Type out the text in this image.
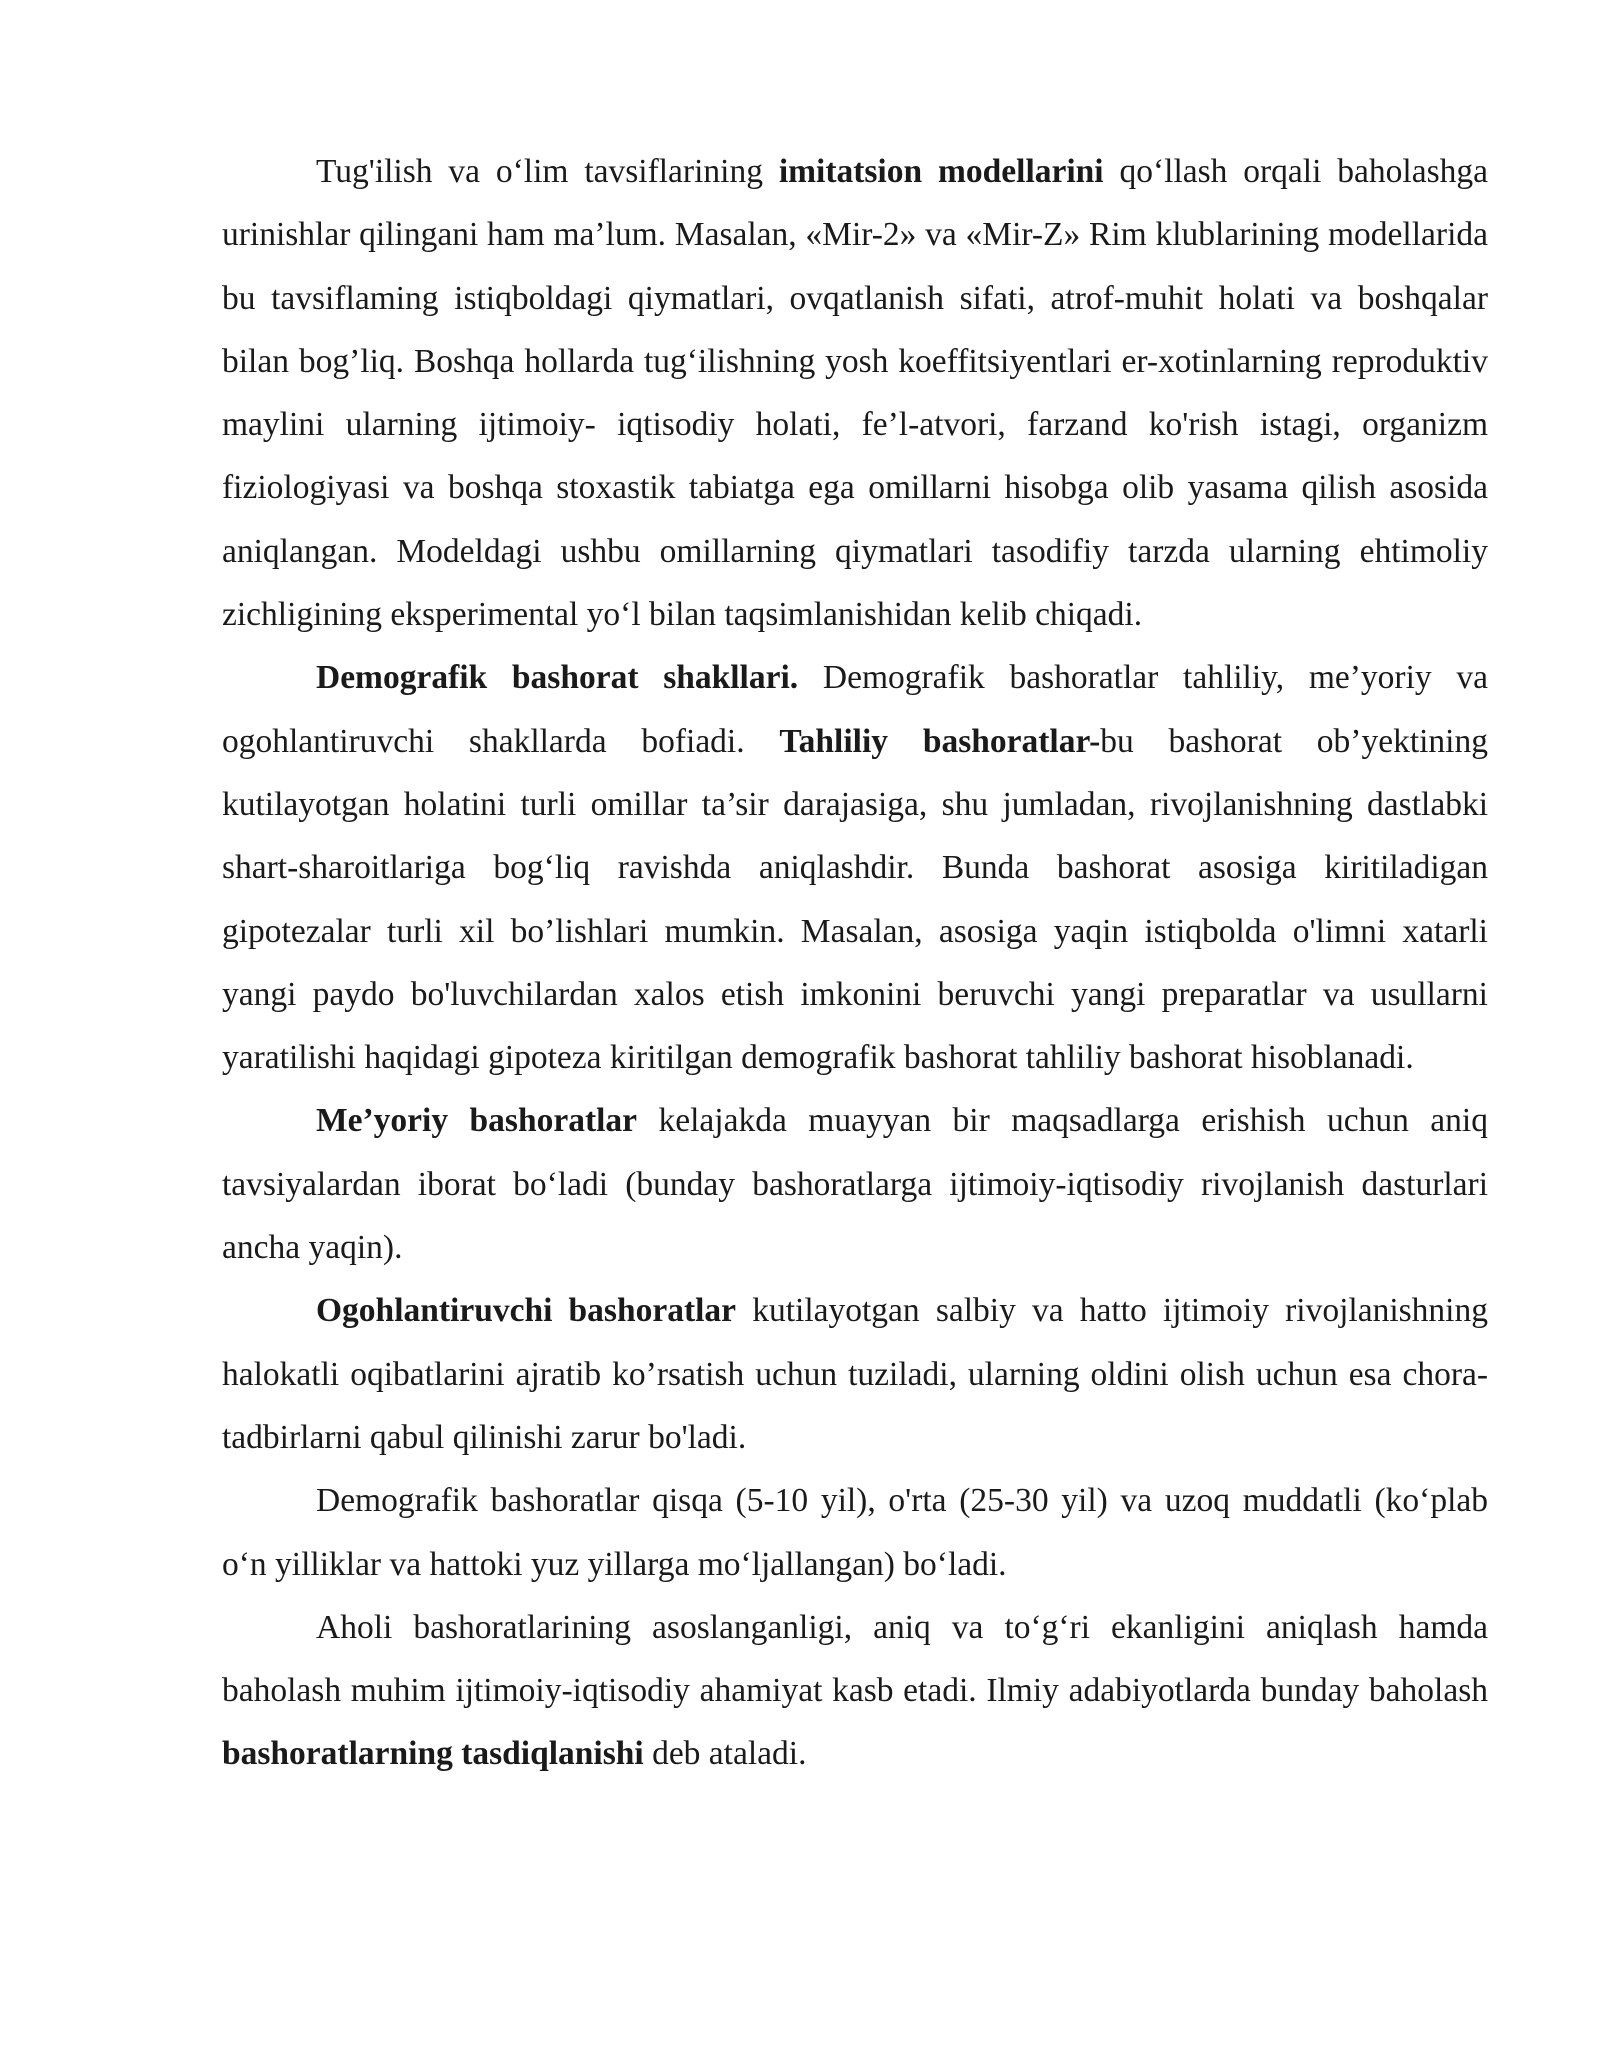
Tug'ilish va o‘lim tavsiflarining imitatsion modellarini qo‘llash orqali baholashga urinishlar qilingani ham ma’lum. Masalan, «Mir-2» va «Mir-Z» Rim klublarining modellarida bu tavsiflaming istiqboldagi qiymatlari, ovqatlanish sifati, atrof-muhit holati va boshqalar bilan bog’liq. Boshqa hollarda tug‘ilishning yosh koeffitsiyentlari er-xotinlarning reproduktiv maylini ularning ijtimoiy- iqtisodiy holati, fe’l-atvori, farzand ko'rish istagi, organizm fiziologiyasi va boshqa stoxastik tabiatga ega omillarni hisobga olib yasama qilish asosida aniqlangan. Modeldagi ushbu omillarning qiymatlari tasodifiy tarzda ularning ehtimoliy zichligining eksperimental yo‘l bilan taqsimlanishidan kelib chiqadi.

Demografik bashorat shakllari. Demografik bashoratlar tahliliy, me’yoriy va ogohlantiruvchi shakllarda bofiadi. Tahliliy bashoratlar-bu bashorat ob’yektining kutilayotgan holatini turli omillar ta’sir darajasiga, shu jumladan, rivojlanishning dastlabki shart-sharoitlariga bog‘liq ravishda aniqlashdir. Bunda bashorat asosiga kiritiladigan gipotezalar turli xil bo’lishlari mumkin. Masalan, asosiga yaqin istiqbolda o'limni xatarli yangi paydo bo'luvchilardan xalos etish imkonini beruvchi yangi preparatlar va usullarni yaratilishi haqidagi gipoteza kiritilgan demografik bashorat tahliliy bashorat hisoblanadi.

Me’yoriy bashoratlar kelajakda muayyan bir maqsadlarga erishish uchun aniq tavsiyalardan iborat bo‘ladi (bunday bashoratlarga ijtimoiy-iqtisodiy rivojlanish dasturlari ancha yaqin).

Ogohlantiruvchi bashoratlar kutilayotgan salbiy va hatto ijtimoiy rivojlanishning halokatli oqibatlarini ajratib ko’rsatish uchun tuziladi, ularning oldini olish uchun esa chora-tadbirlarni qabul qilinishi zarur bo'ladi.

Demografik bashoratlar qisqa (5-10 yil), o'rta (25-30 yil) va uzoq muddatli (ko‘plab o‘n yilliklar va hattoki yuz yillarga mo‘ljallangan) bo‘ladi.

Aholi bashoratlarining asoslanganligi, aniq va to‘g‘ri ekanligini aniqlash hamda baholash muhim ijtimoiy-iqtisodiy ahamiyat kasb etadi. Ilmiy adabiyotlarda bunday baholash bashoratlarning tasdiqlanishi deb ataladi.
